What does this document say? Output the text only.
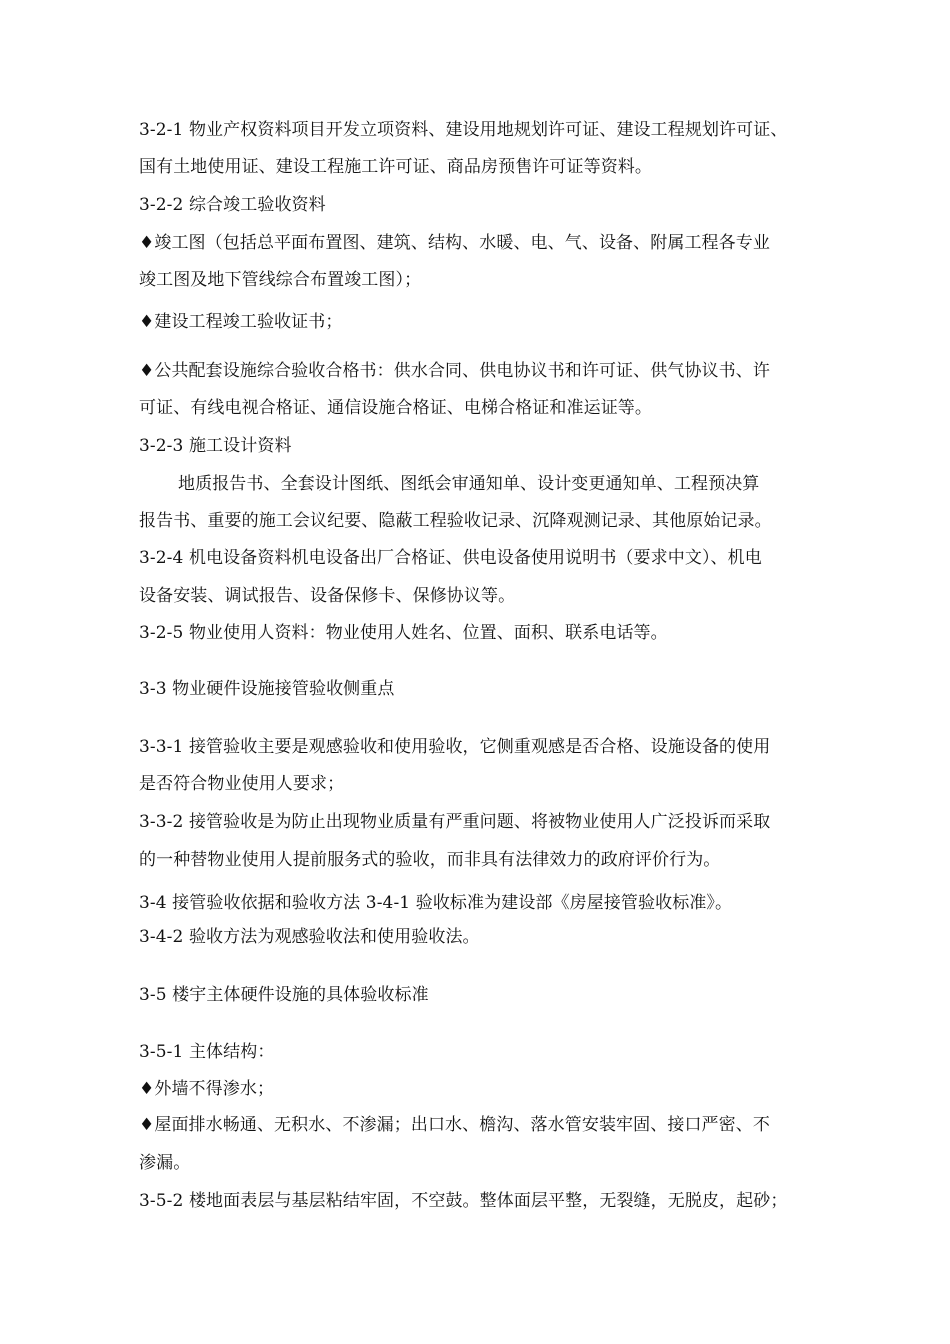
3-2-1 物业产权资料项目开发立项资料、建设用地规划许可证、建设工程规划许可证、
国有土地使用证、建设工程施工许可证、商品房预售许可证等资料。
3-2-2 综合竣工验收资料
♦竣工图（包括总平面布置图、建筑、结构、水暖、电、气、设备、附属工程各专业
竣工图及地下管线综合布置竣工图）；
♦建设工程竣工验收证书；
♦公共配套设施综合验收合格书：供水合同、供电协议书和许可证、供气协议书、许
可证、有线电视合格证、通信设施合格证、电梯合格证和准运证等。
3-2-3 施工设计资料
地质报告书、全套设计图纸、图纸会审通知单、设计变更通知单、工程预决算
报告书、重要的施工会议纪要、隐蔽工程验收记录、沉降观测记录、其他原始记录。
3-2-4 机电设备资料机电设备出厂合格证、供电设备使用说明书（要求中文）、机电
设备安装、调试报告、设备保修卡、保修协议等。
3-2-5 物业使用人资料：物业使用人姓名、位置、面积、联系电话等。
3-3 物业硬件设施接管验收侧重点
3-3-1 接管验收主要是观感验收和使用验收，它侧重观感是否合格、设施设备的使用
是否符合物业使用人要求；
3-3-2 接管验收是为防止出现物业质量有严重问题、将被物业使用人广泛投诉而采取
的一种替物业使用人提前服务式的验收，而非具有法律效力的政府评价行为。
3-4 接管验收依据和验收方法 3-4-1 验收标准为建设部《房屋接管验收标准》。
3-4-2 验收方法为观感验收法和使用验收法。
3-5 楼宇主体硬件设施的具体验收标准
3-5-1 主体结构：
♦外墙不得渗水；
♦屋面排水畅通、无积水、不渗漏；出口水、檐沟、落水管安装牢固、接口严密、不
渗漏。
3-5-2 楼地面表层与基层粘结牢固，不空鼓。整体面层平整，无裂缝，无脱皮，起砂；
